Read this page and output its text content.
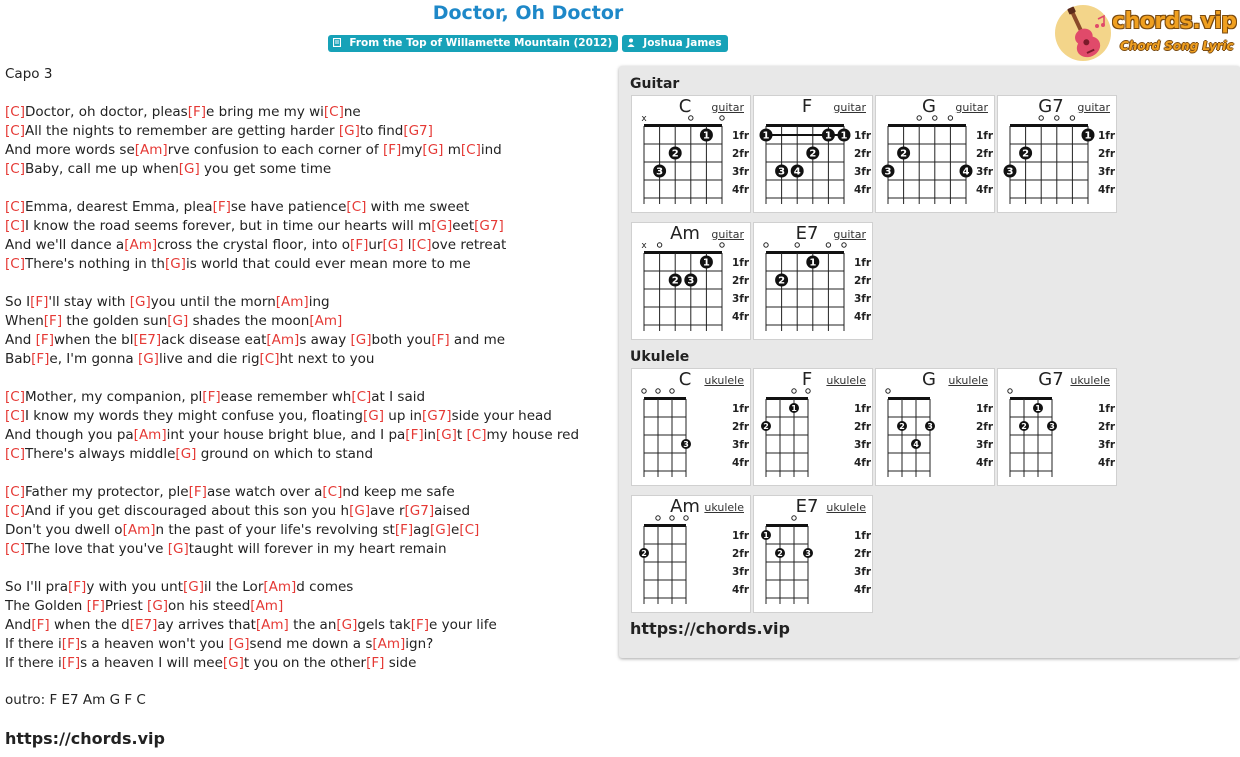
Doctor, Oh Doctor
From the Top of Willamette Mountain (2012)	Joshua James
chords.vip
Chord Song Lyric
Capo 3
[C]Doctor, oh doctor, pleas[F]e bring me my wi[C]ne
[C]All the nights to remember are getting harder [G]to find[G7]
And more words se[Am]rve confusion to each corner of [F]my[G] m[C]ind
[C]Baby, call me up when[G] you get some time
[C]Emma, dearest Emma, plea[F]se have patience[C] with me sweet
[C]I know the road seems forever, but in time our hearts will m[G]eet[G7]
And we'll dance a[Am]cross the crystal floor, into o[F]ur[G] l[C]ove retreat
[C]There's nothing in th[G]is world that could ever mean more to me
So I[F]'ll stay with [G]you until the morn[Am]ing
When[F] the golden sun[G] shades the moon[Am]
And [F]when the bl[E7]ack disease eat[Am]s away [G]both you[F] and me
Bab[F]e, I'm gonna [G]live and die rig[C]ht next to you
[C]Mother, my companion, pl[F]ease remember wh[C]at I said
[C]I know my words they might confuse you, floating[G] up in[G7]side your head
And though you pa[Am]int your house bright blue, and I pa[F]in[G]t [C]my house red
[C]There's always middle[G] ground on which to stand
[C]Father my protector, ple[F]ase watch over a[C]nd keep me safe
[C]And if you get discouraged about this son you h[G]ave r[G7]aised
Don't you dwell o[Am]n the past of your life's revolving st[F]ag[G]e[C]
[C]The love that you've [G]taught will forever in my heart remain
So I'll pra[F]y with you unt[G]il the Lor[Am]d comes
The Golden [F]Priest [G]on his steed[Am]
And[F] when the d[E7]ay arrives that[Am] the an[G]gels tak[F]e your life
If there i[F]s a heaven won't you [G]send me down a s[Am]ign?
If there i[F]s a heaven I will mee[G]t you on the other[F] side
outro: F E7 Am G F C
https://chords.vip
Guitar
C	guitar
x
1
2
3
1fr
2fr
3fr
4fr
F	guitar
1	1 1
2
3 4
1fr
2fr
3fr
4fr
G	guitar
2
3	4
1fr
2fr
3fr
4fr
G7	guitar
1
2
3
1fr
2fr
3fr
4fr
Am	guitar
x
1
2 3
1fr
2fr
3fr
4fr
E7	guitar
1
2
1fr
2fr
3fr
4fr
Ukulele
C	ukulele
3
1fr
2fr
3fr
4fr
F	ukulele
1
2
1fr
2fr
3fr
4fr
G	ukulele
2	3
4
1fr
2fr
3fr
4fr
G7 ukulele
1
2	3
1fr
2fr
3fr
4fr
Am ukulele
2
1fr
2fr
3fr
4fr
E7 ukulele
1
2	3
1fr
2fr
3fr
4fr
https://chords.vip
